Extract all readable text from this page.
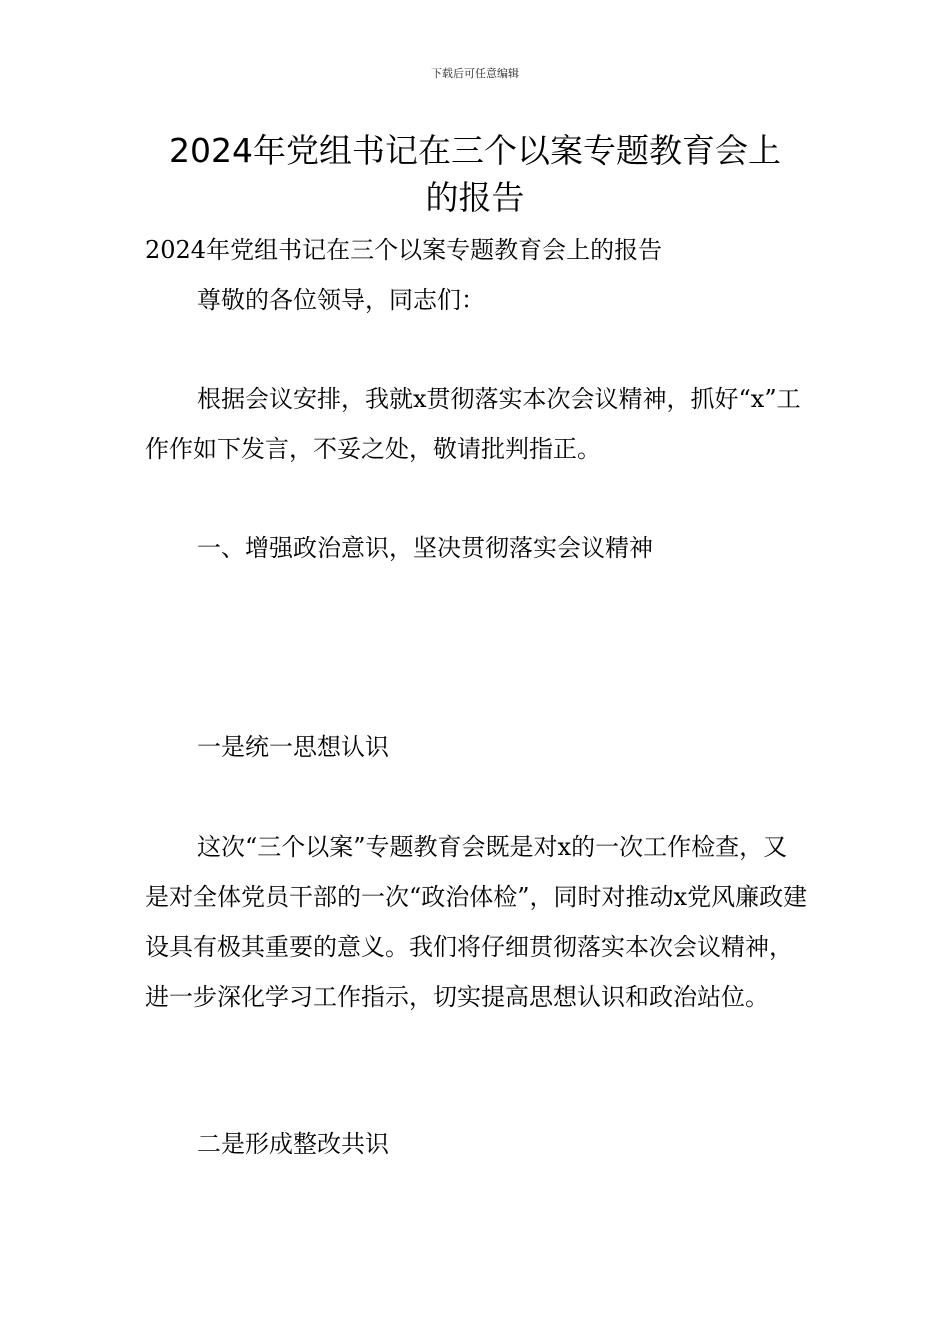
下载后可任意编辑
2024年党组书记在三个以案专题教育会上
的报告

2024年党组书记在三个以案专题教育会上的报告

尊敬的各位领导，同志们：

根据会议安排，我就x贯彻落实本次会议精神，抓好“x”工作作如下发言，不妥之处，敬请批判指正。

一、增强政治意识，坚决贯彻落实会议精神

一是统一思想认识

这次“三个以案”专题教育会既是对x的一次工作检查，又是对全体党员干部的一次“政治体检”，同时对推动x党风廉政建设具有极其重要的意义。我们将仔细贯彻落实本次会议精神，进一步深化学习工作指示，切实提高思想认识和政治站位。

二是形成整改共识
